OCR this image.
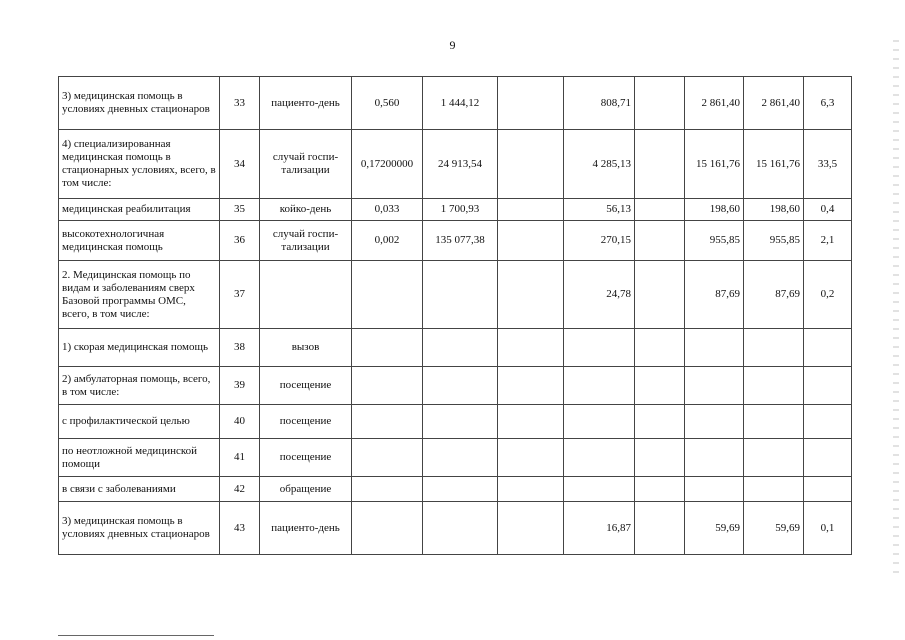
9
3) медицинская помощь в условиях дневных стационаров	33	пациенто-день	0,560	1 444,12		808,71		2 861,40	2 861,40	6,3
4) специализированная медицинская помощь в стационарных условиях, всего, в том числе:	34	случай госпи-тализации	0,17200000	24 913,54		4 285,13		15 161,76	15 161,76	33,5
медицинская реабилитация	35	койко-день	0,033	1 700,93		56,13		198,60	198,60	0,4
высокотехнологичная медицинская помощь	36	случай госпи-тализации	0,002	135 077,38		270,15		955,85	955,85	2,1
2. Медицинская помощь по видам и заболеваниям сверх Базовой программы ОМС, всего, в том числе:	37					24,78		87,69	87,69	0,2
1) скорая медицинская помощь	38	вызов								
2) амбулаторная помощь, всего, в том числе:	39	посещение								
с профилактической целью	40	посещение								
по неотложной медицинской помощи	41	посещение								
в связи с заболеваниями	42	обращение								
3) медицинская помощь в условиях дневных стационаров	43	пациенто-день				16,87		59,69	59,69	0,1
